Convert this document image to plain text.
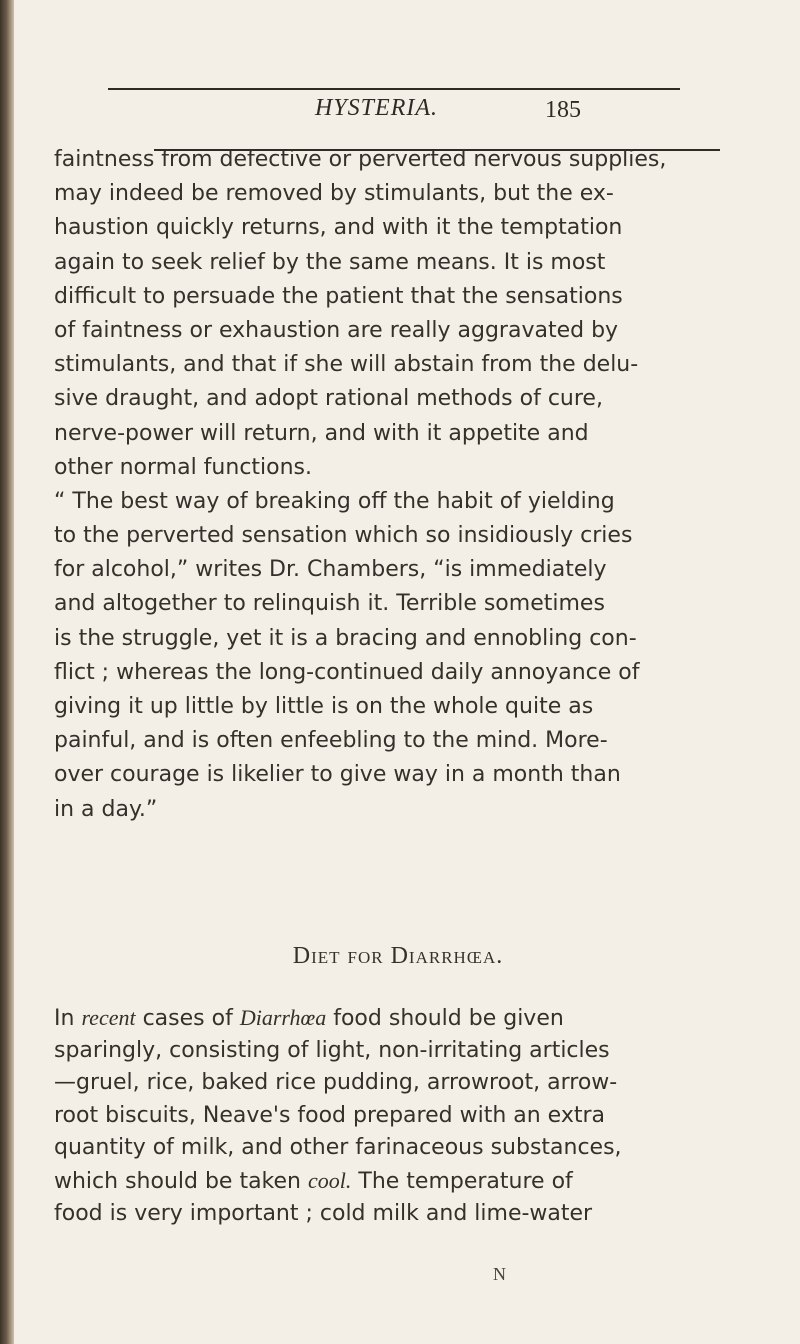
HYSTERIA.	185
faintness from defective or perverted nervous supplies,
may indeed be removed by stimulants, but the ex-
haustion quickly returns, and with it the temptation
again to seek relief by the same means. It is most
difficult to persuade the patient that the sensations
of faintness or exhaustion are really aggravated by
stimulants, and that if she will abstain from the delu-
sive draught, and adopt rational methods of cure,
nerve-power will return, and with it appetite and
other normal functions.
“ The best way of breaking off the habit of yielding
to the perverted sensation which so insidiously cries
for alcohol,” writes Dr. Chambers, “is immediately
and altogether to relinquish it. Terrible sometimes
is the struggle, yet it is a bracing and ennobling con-
flict ; whereas the long-continued daily annoyance of
giving it up little by little is on the whole quite as
painful, and is often enfeebling to the mind. More-
over courage is likelier to give way in a month than
in a day.”
Diet for Diarrhœa.
In recent cases of Diarrhœa food should be given
sparingly, consisting of light, non-irritating articles
—gruel, rice, baked rice pudding, arrowroot, arrow-
root biscuits, Neave's food prepared with an extra
quantity of milk, and other farinaceous substances,
which should be taken cool. The temperature of
food is very important ; cold milk and lime-water
N
